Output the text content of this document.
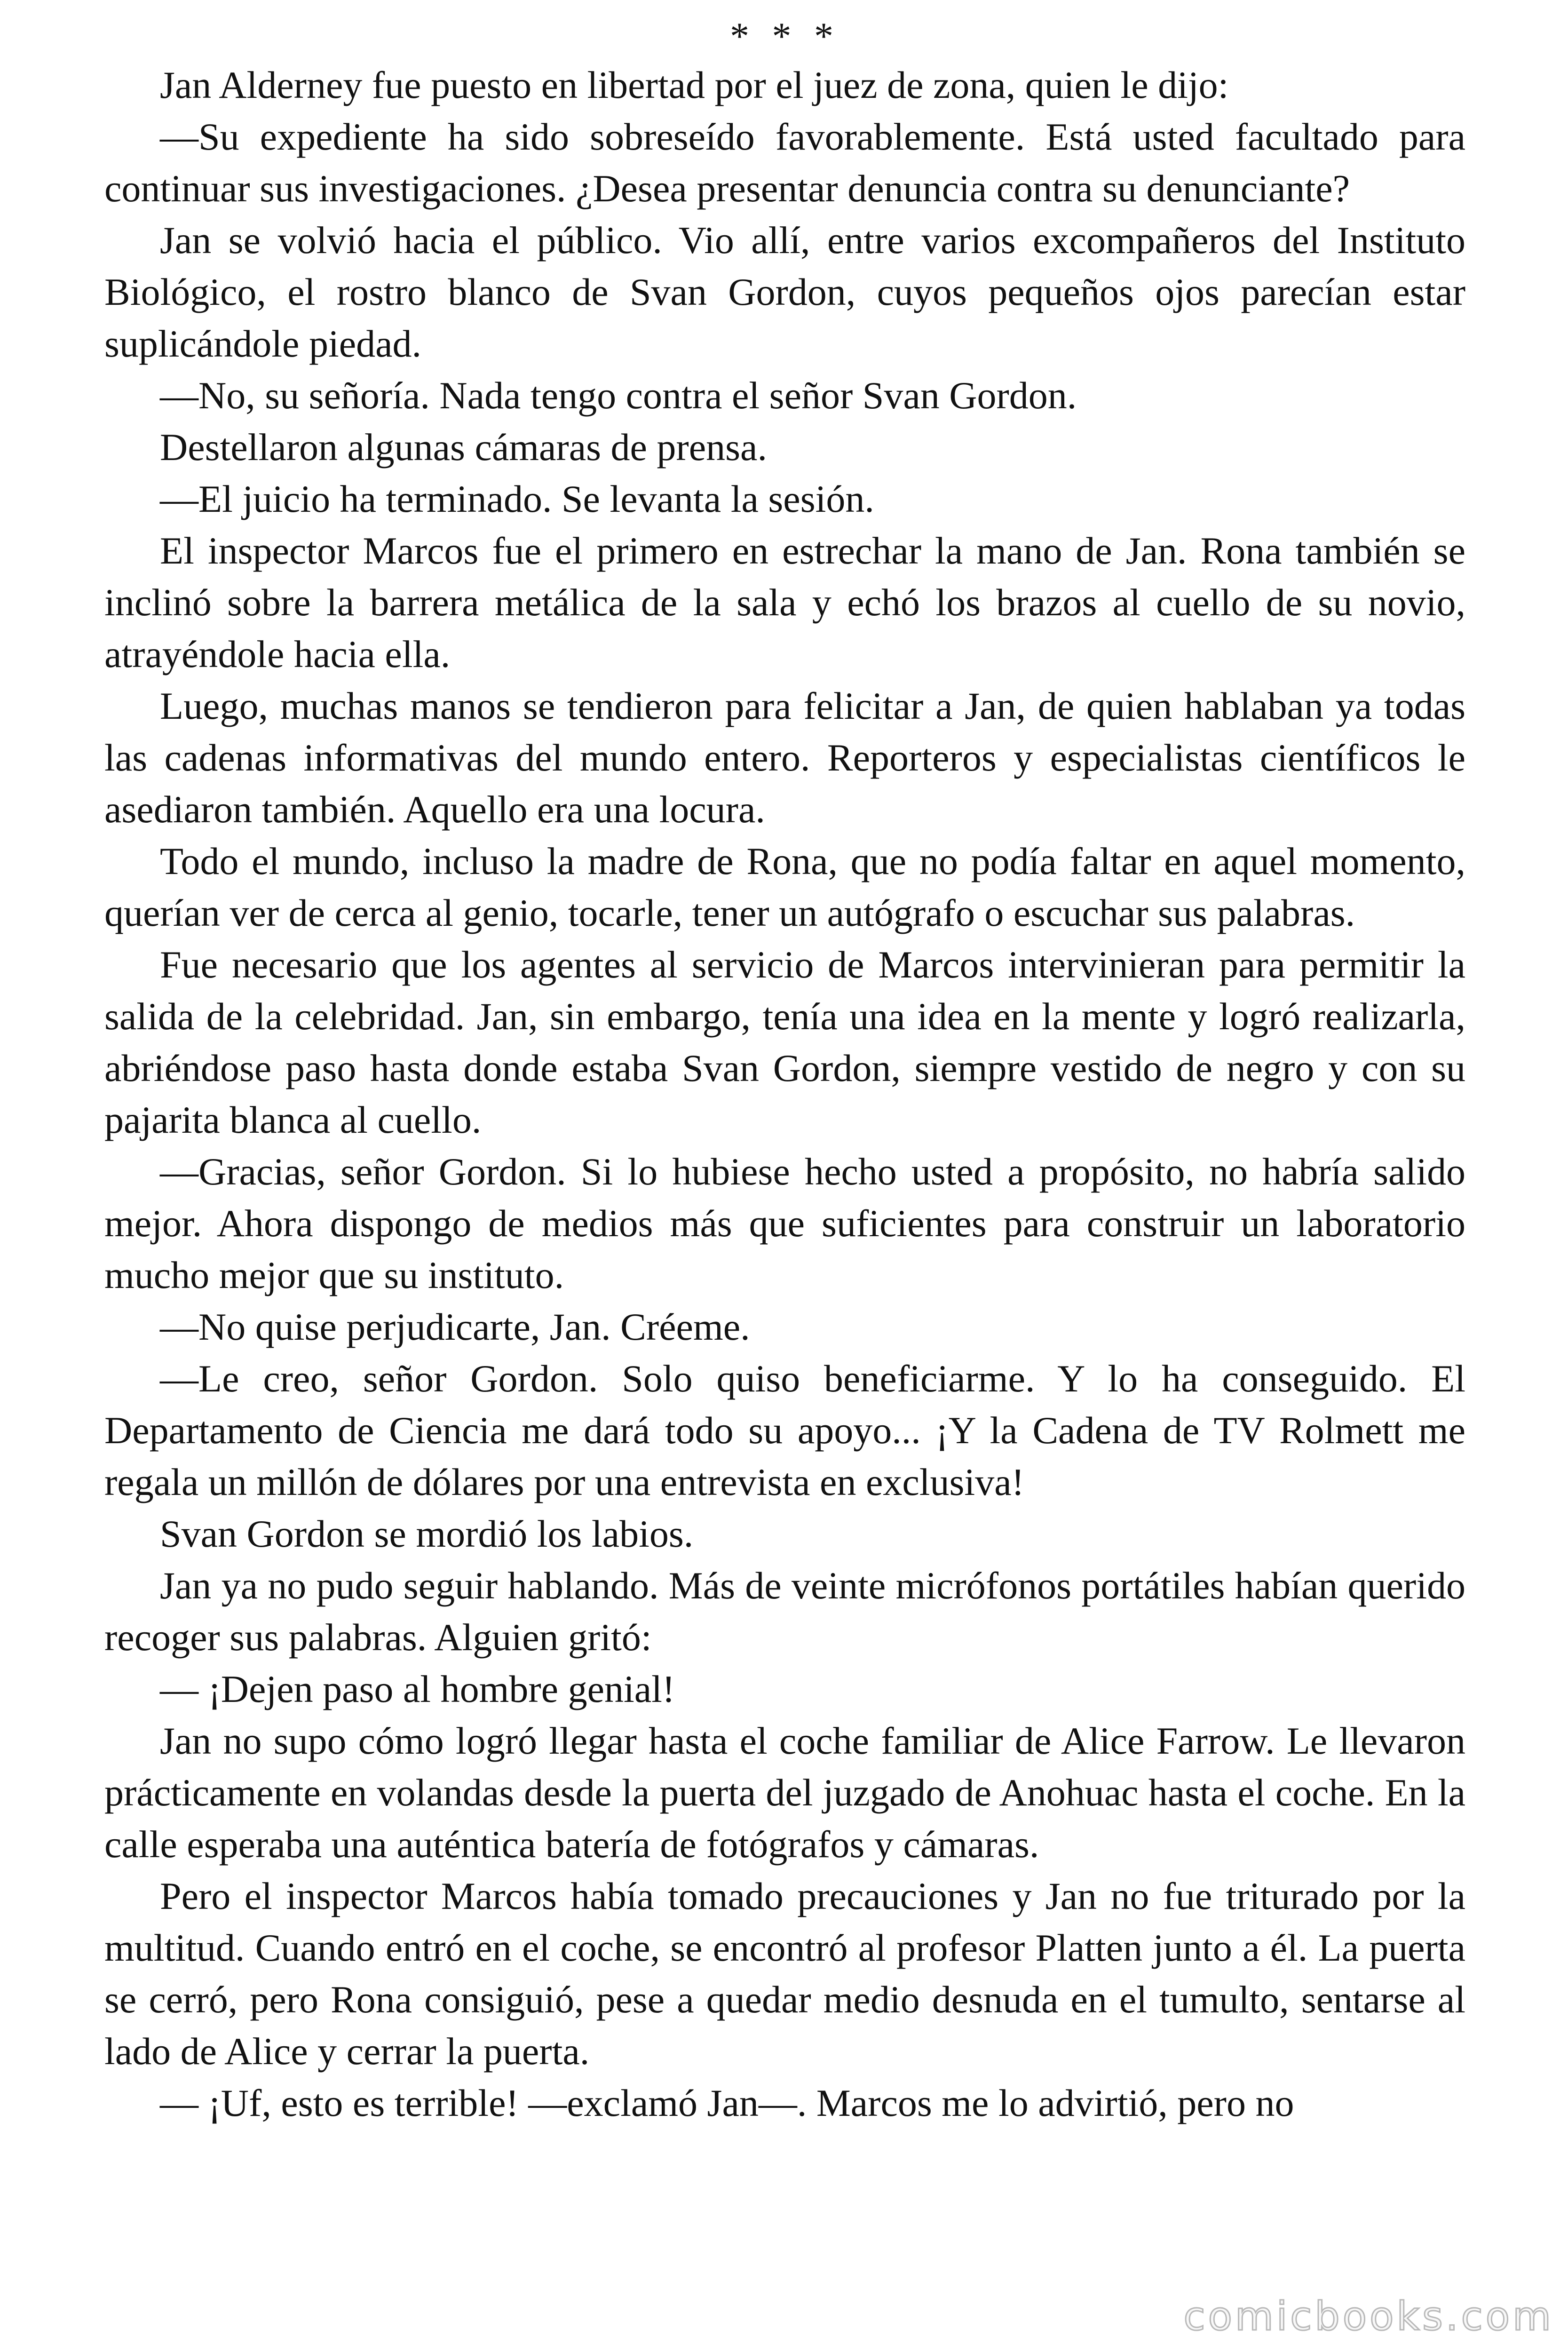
* * *

Jan Alderney fue puesto en libertad por el juez de zona, quien le dijo:

—Su expediente ha sido sobreseído favorablemente. Está usted facultado para continuar sus investigaciones. ¿Desea presentar denuncia contra su denunciante?

Jan se volvió hacia el público. Vio allí, entre varios excompañeros del Instituto Biológico, el rostro blanco de Svan Gordon, cuyos pequeños ojos parecían estar suplicándole piedad.

—No, su señoría. Nada tengo contra el señor Svan Gordon.

Destellaron algunas cámaras de prensa.

—El juicio ha terminado. Se levanta la sesión.

El inspector Marcos fue el primero en estrechar la mano de Jan. Rona también se inclinó sobre la barrera metálica de la sala y echó los brazos al cuello de su novio, atrayéndole hacia ella.

Luego, muchas manos se tendieron para felicitar a Jan, de quien hablaban ya todas las cadenas informativas del mundo entero. Reporteros y especialistas científicos le asediaron también. Aquello era una locura.

Todo el mundo, incluso la madre de Rona, que no podía faltar en aquel momento, querían ver de cerca al genio, tocarle, tener un autógrafo o escuchar sus palabras.

Fue necesario que los agentes al servicio de Marcos intervinieran para permitir la salida de la celebridad. Jan, sin embargo, tenía una idea en la mente y logró realizarla, abriéndose paso hasta donde estaba Svan Gordon, siempre vestido de negro y con su pajarita blanca al cuello.

—Gracias, señor Gordon. Si lo hubiese hecho usted a propósito, no habría salido mejor. Ahora dispongo de medios más que suficientes para construir un laboratorio mucho mejor que su instituto.

—No quise perjudicarte, Jan. Créeme.

—Le creo, señor Gordon. Solo quiso beneficiarme. Y lo ha conseguido. El Departamento de Ciencia me dará todo su apoyo... ¡Y la Cadena de TV Rolmett me regala un millón de dólares por una entrevista en exclusiva!

Svan Gordon se mordió los labios.

Jan ya no pudo seguir hablando. Más de veinte micrófonos portátiles habían querido recoger sus palabras. Alguien gritó:

— ¡Dejen paso al hombre genial!

Jan no supo cómo logró llegar hasta el coche familiar de Alice Farrow. Le llevaron prácticamente en volandas desde la puerta del juzgado de Anohuac hasta el coche. En la calle esperaba una auténtica batería de fotógrafos y cámaras.

Pero el inspector Marcos había tomado precauciones y Jan no fue triturado por la multitud. Cuando entró en el coche, se encontró al profesor Platten junto a él. La puerta se cerró, pero Rona consiguió, pese a quedar medio desnuda en el tumulto, sentarse al lado de Alice y cerrar la puerta.

— ¡Uf, esto es terrible! —exclamó Jan—. Marcos me lo advirtió, pero no

comicbooks.com
